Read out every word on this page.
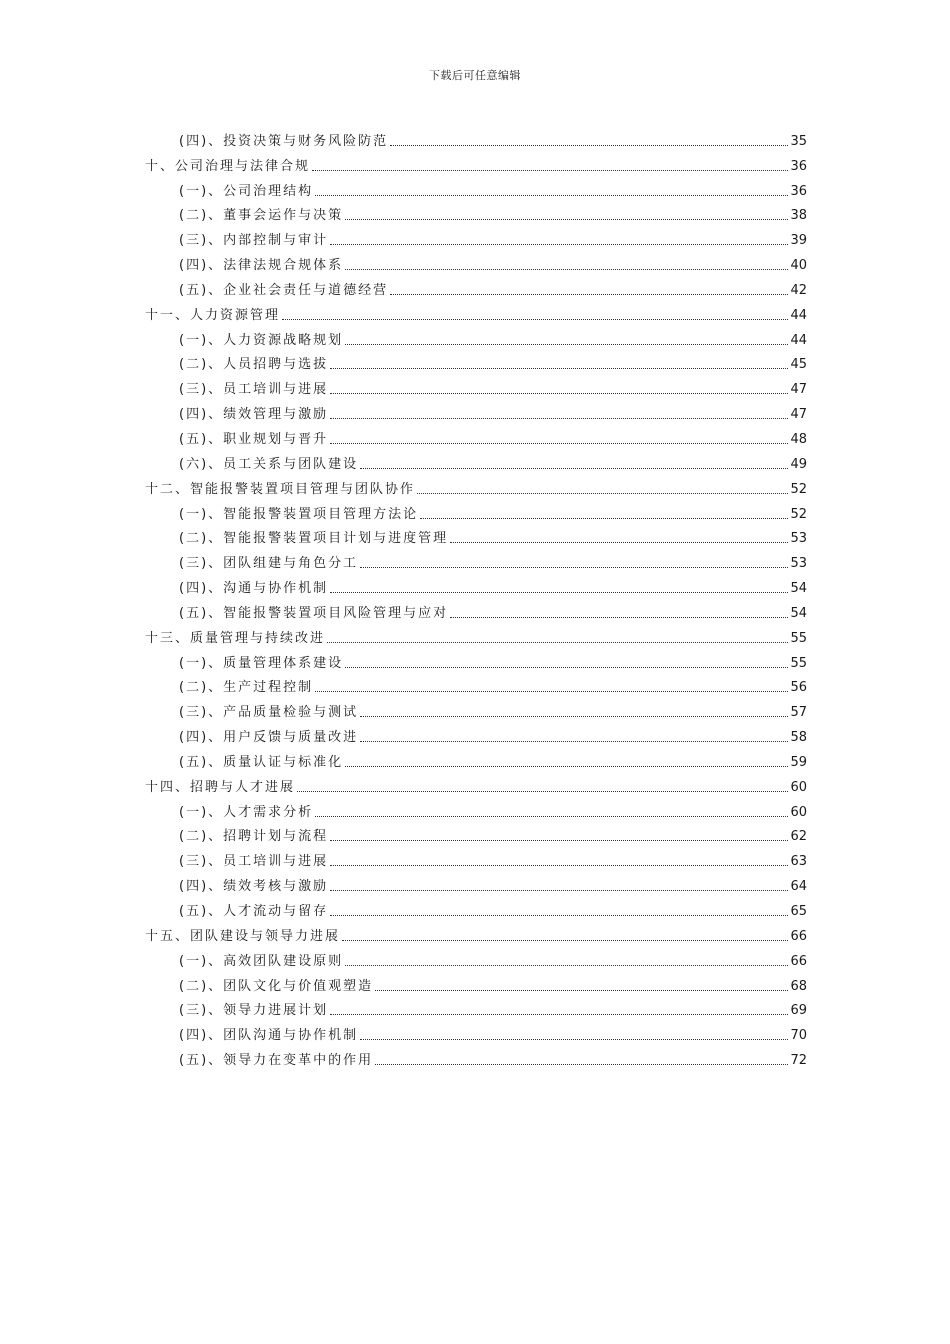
下载后可任意编辑
(四)、投资决策与财务风险防范	35
十、公司治理与法律合规	36
(一)、公司治理结构	36
(二)、董事会运作与决策	38
(三)、内部控制与审计	39
(四)、法律法规合规体系	40
(五)、企业社会责任与道德经营	42
十一、人力资源管理	44
(一)、人力资源战略规划	44
(二)、人员招聘与选拔	45
(三)、员工培训与进展	47
(四)、绩效管理与激励	47
(五)、职业规划与晋升	48
(六)、员工关系与团队建设	49
十二、智能报警装置项目管理与团队协作	52
(一)、智能报警装置项目管理方法论	52
(二)、智能报警装置项目计划与进度管理	53
(三)、团队组建与角色分工	53
(四)、沟通与协作机制	54
(五)、智能报警装置项目风险管理与应对	54
十三、质量管理与持续改进	55
(一)、质量管理体系建设	55
(二)、生产过程控制	56
(三)、产品质量检验与测试	57
(四)、用户反馈与质量改进	58
(五)、质量认证与标准化	59
十四、招聘与人才进展	60
(一)、人才需求分析	60
(二)、招聘计划与流程	62
(三)、员工培训与进展	63
(四)、绩效考核与激励	64
(五)、人才流动与留存	65
十五、团队建设与领导力进展	66
(一)、高效团队建设原则	66
(二)、团队文化与价值观塑造	68
(三)、领导力进展计划	69
(四)、团队沟通与协作机制	70
(五)、领导力在变革中的作用	72
